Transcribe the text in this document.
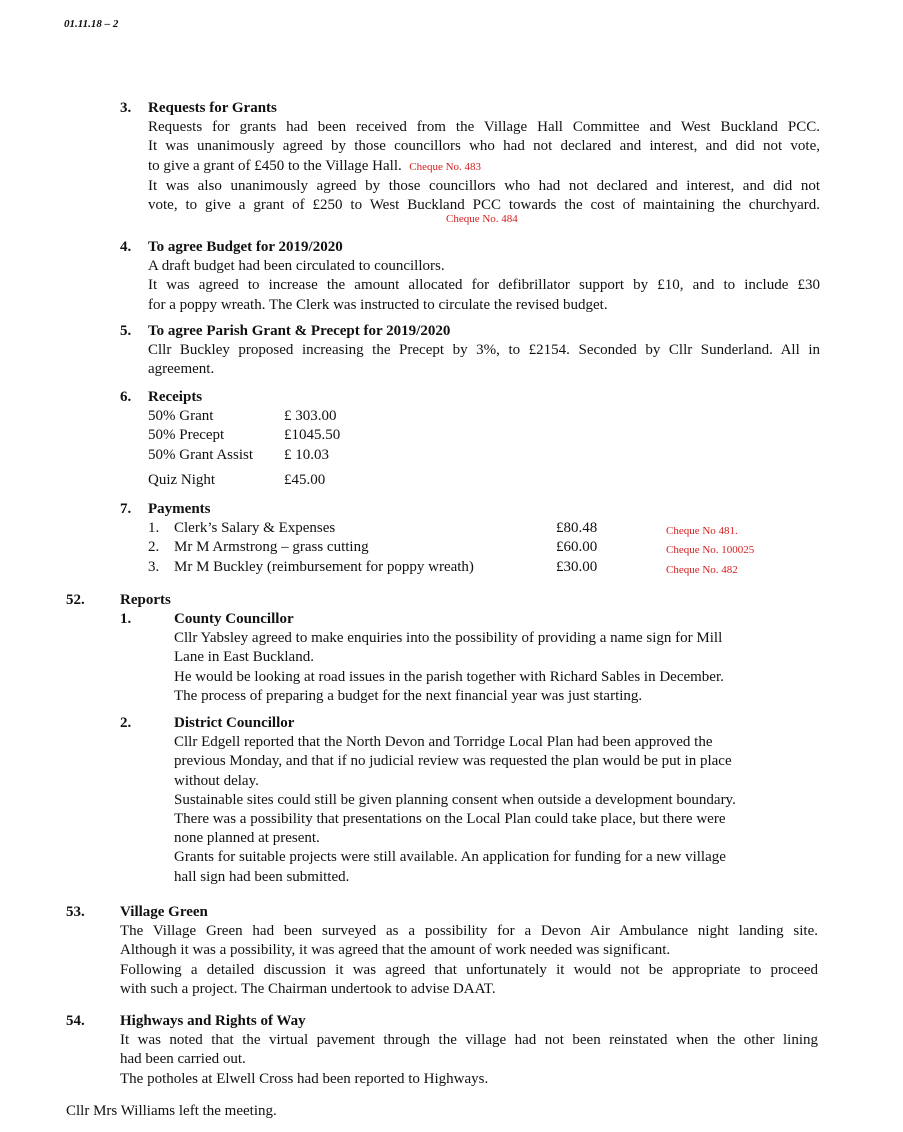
01.11.18 – 2
3. Requests for Grants
Requests for grants had been received from the Village Hall Committee and West Buckland PCC.
It was unanimously agreed by those councillors who had not declared and interest, and did not vote,
to give a grant of £450 to the Village Hall. Cheque No. 483
It was also unanimously agreed by those councillors who had not declared and interest, and did not
vote, to give a grant of £250 to West Buckland PCC towards the cost of maintaining the churchyard.
Cheque No. 484
4. To agree Budget for 2019/2020
A draft budget had been circulated to councillors.
It was agreed to increase the amount allocated for defibrillator support by £10, and to include £30
for a poppy wreath. The Clerk was instructed to circulate the revised budget.
5. To agree Parish Grant & Precept for 2019/2020
Cllr Buckley proposed increasing the Precept by 3%, to £2154. Seconded by Cllr Sunderland. All in
agreement.
6. Receipts
50% Grant	£ 303.00
50% Precept	£1045.50
50% Grant Assist £ 10.03
Quiz Night	£45.00
7. Payments
1. Clerk’s Salary & Expenses	£80.48	Cheque No 481.
2. Mr M Armstrong – grass cutting	£60.00	Cheque No. 100025
3. Mr M Buckley (reimbursement for poppy wreath)	£30.00	Cheque No. 482
52. Reports
1.	County Councillor
Cllr Yabsley agreed to make enquiries into the possibility of providing a name sign for Mill
Lane in East Buckland.
He would be looking at road issues in the parish together with Richard Sables in December.
The process of preparing a budget for the next financial year was just starting.
2.	District Councillor
Cllr Edgell reported that the North Devon and Torridge Local Plan had been approved the
previous Monday, and that if no judicial review was requested the plan would be put in place
without delay.
Sustainable sites could still be given planning consent when outside a development boundary.
There was a possibility that presentations on the Local Plan could take place, but there were
none planned at present.
Grants for suitable projects were still available. An application for funding for a new village
hall sign had been submitted.
53. Village Green
The Village Green had been surveyed as a possibility for a Devon Air Ambulance night landing site.
Although it was a possibility, it was agreed that the amount of work needed was significant.
Following a detailed discussion it was agreed that unfortunately it would not be appropriate to proceed
with such a project. The Chairman undertook to advise DAAT.
54. Highways and Rights of Way
It was noted that the virtual pavement through the village had not been reinstated when the other lining
had been carried out.
The potholes at Elwell Cross had been reported to Highways.
Cllr Mrs Williams left the meeting.
